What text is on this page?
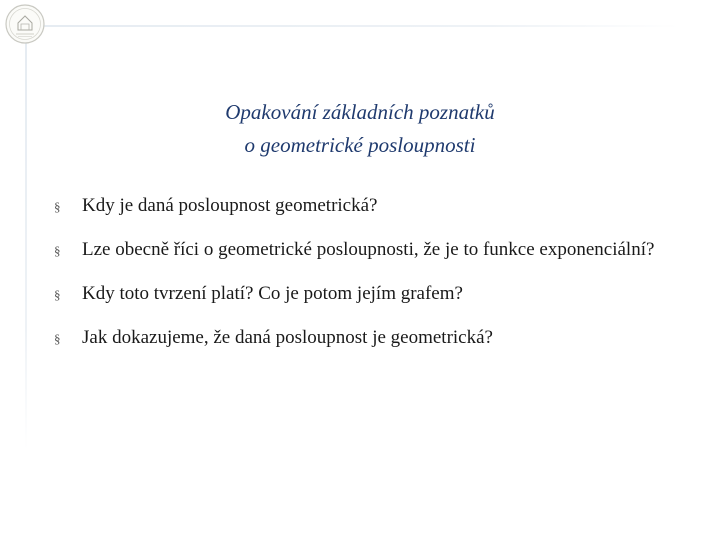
Opakování základních poznatků
o geometrické posloupnosti
§ Kdy je daná posloupnost geometrická?
§ Lze obecně říci o geometrické posloupnosti, že je to funkce exponenciální?
§ Kdy toto tvrzení platí? Co je potom jejím grafem?
§ Jak dokazujeme, že daná posloupnost je geometrická?
